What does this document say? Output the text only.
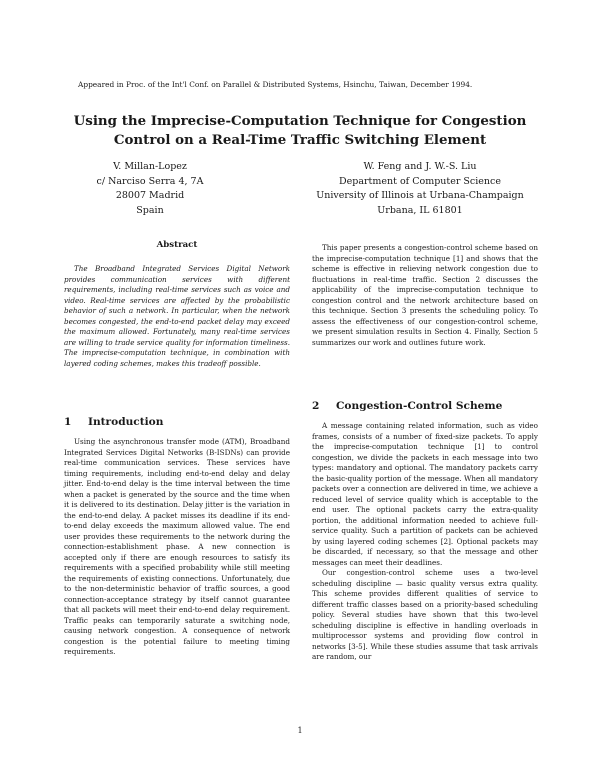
Appeared in Proc. of the Int'l Conf. on Parallel & Distributed Systems, Hsinchu, Taiwan, December 1994.
Using the Imprecise-Computation Technique for Congestion
Control on a Real-Time Traffic Switching Element
V. Millan-Lopez
c/ Narciso Serra 4, 7A
28007 Madrid
Spain
W. Feng and J. W.-S. Liu
Department of Computer Science
University of Illinois at Urbana-Champaign
Urbana, IL 61801
Abstract

The Broadband Integrated Services Digital Network provides communication services with different requirements, including real-time services such as voice and video. Real-time services are affected by the probabilistic behavior of such a network. In particular, when the network becomes congested, the end-to-end packet delay may exceed the maximum allowed. Fortunately, many real-time services are willing to trade service quality for information timeliness. The imprecise-computation technique, in combination with layered coding schemes, makes this tradeoff possible.

1 Introduction

Using the asynchronous transfer mode (ATM), Broadband Integrated Services Digital Networks (B-ISDNs) can provide real-time communication services. These services have timing requirements, including end-to-end delay and delay jitter. End-to-end delay is the time interval between the time when a packet is generated by the source and the time when it is delivered to its destination. Delay jitter is the variation in the end-to-end delay. A packet misses its deadline if its end-to-end delay exceeds the maximum allowed value. The end user provides these requirements to the network during the connection-establishment phase. A new connection is accepted only if there are enough resources to satisfy its requirements with a specified probability while still meeting the requirements of existing connections. Unfortunately, due to the non-deterministic behavior of traffic sources, a good connection-acceptance strategy by itself cannot guarantee that all packets will meet their end-to-end delay requirement. Traffic peaks can temporarily saturate a switching node, causing network congestion. A consequence of network congestion is the potential failure to meeting timing requirements.

This paper presents a congestion-control scheme based on the imprecise-computation technique [1] and shows that the scheme is effective in relieving network congestion due to fluctuations in real-time traffic. Section 2 discusses the applicability of the imprecise-computation technique to congestion control and the network architecture based on this technique. Section 3 presents the scheduling policy. To assess the effectiveness of our congestion-control scheme, we present simulation results in Section 4. Finally, Section 5 summarizes our work and outlines future work.

2 Congestion-Control Scheme

A message containing related information, such as video frames, consists of a number of fixed-size packets. To apply the imprecise-computation technique [1] to control congestion, we divide the packets in each message into two types: mandatory and optional. The mandatory packets carry the basic-quality portion of the message. When all mandatory packets over a connection are delivered in time, we achieve a reduced level of service quality which is acceptable to the end user. The optional packets carry the extra-quality portion, the additional information needed to achieve full-service quality. Such a partition of packets can be achieved by using layered coding schemes [2]. Optional packets may be discarded, if necessary, so that the message and other messages can meet their deadlines.

Our congestion-control scheme uses a two-level scheduling discipline — basic quality versus extra quality. This scheme provides different qualities of service to different traffic classes based on a priority-based scheduling policy. Several studies have shown that this two-level scheduling discipline is effective in handling overloads in multiprocessor systems and providing flow control in networks [3-5]. While these studies assume that task arrivals are random, our

1
